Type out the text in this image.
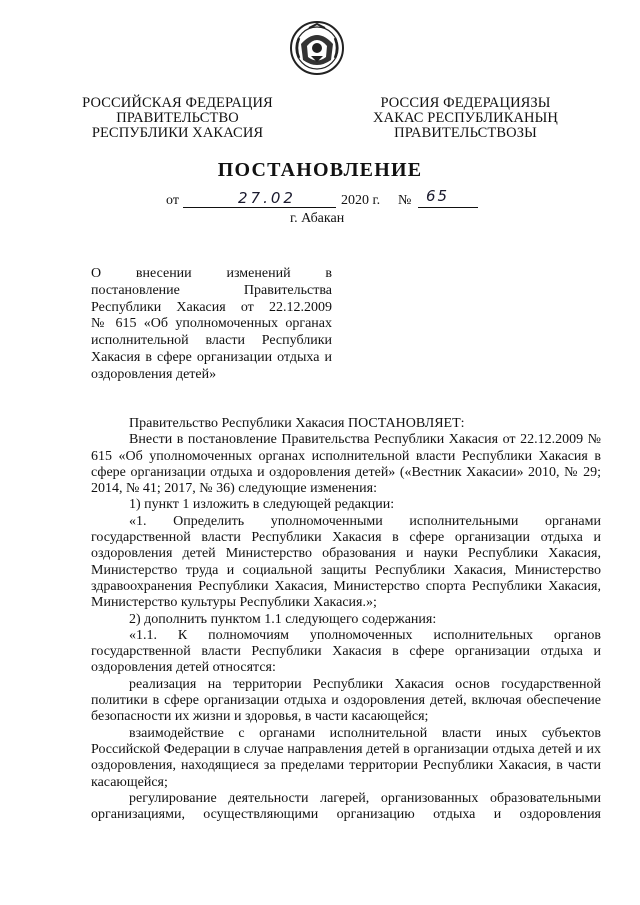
РОССИЙСКАЯ ФЕДЕРАЦИЯ
ПРАВИТЕЛЬСТВО
РЕСПУБЛИКИ ХАКАСИЯ
РОССИЯ ФЕДЕРАЦИЯЗЫ
ХАКАС РЕСПУБЛИКАНЫҢ
ПРАВИТЕЛЬСТВОЗЫ
ПОСТАНОВЛЕНИЕ
от	27.02	2020 г. № 65
г. Абакан
О внесении изменений в
постановление Правительства
Республики Хакасия от 22.12.2009
№ 615 «Об уполномоченных органах
исполнительной власти Республики
Хакасия в сфере организации отдыха и
оздоровления детей»

Правительство Республики Хакасия ПОСТАНОВЛЯЕТ:

Внести в постановление Правительства Республики Хакасия от 22.12.2009 № 615 «Об уполномоченных органах исполнительной власти Республики Хакасия в сфере организации отдыха и оздоровления детей» («Вестник Хакасии» 2010, № 29; 2014, № 41; 2017, № 36) следующие изменения:

1) пункт 1 изложить в следующей редакции:

«1. Определить уполномоченными исполнительными органами государственной власти Республики Хакасия в сфере организации отдыха и оздоровления детей Министерство образования и науки Республики Хакасия, Министерство труда и социальной защиты Республики Хакасия, Министерство здравоохранения Республики Хакасия, Министерство спорта Республики Хакасия, Министерство культуры Республики Хакасия.»;

2) дополнить пунктом 1.1 следующего содержания:

«1.1. К полномочиям уполномоченных исполнительных органов государственной власти Республики Хакасия в сфере организации отдыха и оздоровления детей относятся:

реализация на территории Республики Хакасия основ государственной политики в сфере организации отдыха и оздоровления детей, включая обеспечение безопасности их жизни и здоровья, в части касающейся;

взаимодействие с органами исполнительной власти иных субъектов Российской Федерации в случае направления детей в организации отдыха детей и их оздоровления, находящиеся за пределами территории Республики Хакасия, в части касающейся;

регулирование деятельности лагерей, организованных образовательными организациями, осуществляющими организацию отдыха и оздоровления
